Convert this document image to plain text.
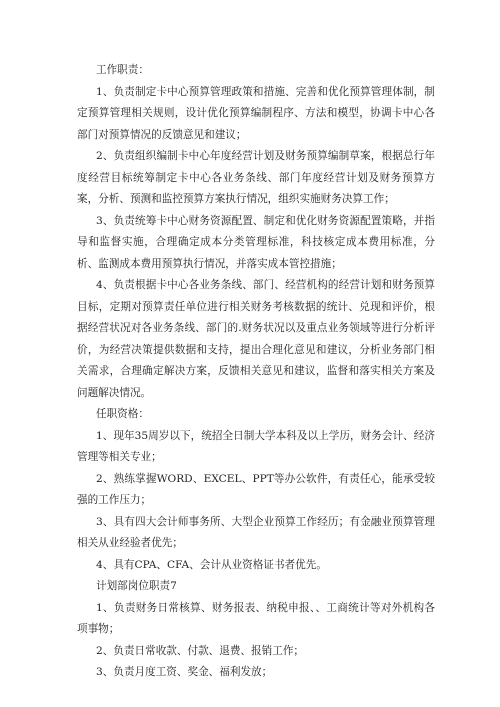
工作职责：

1、负责制定卡中心预算管理政策和措施、完善和优化预算管理体制，制定预算管理相关规则，设计优化预算编制程序、方法和模型，协调卡中心各部门对预算情况的反馈意见和建议；

2、负责组织编制卡中心年度经营计划及财务预算编制草案，根据总行年度经营目标统筹制定卡中心各业务条线、部门年度经营计划及财务预算方案，分析、预测和监控预算方案执行情况，组织实施财务决算工作；

3、负责统筹卡中心财务资源配置、制定和优化财务资源配置策略，并指导和监督实施，合理确定成本分类管理标准，科技核定成本费用标准，分析、监测成本费用预算执行情况，并落实成本管控措施；

4、负责根据卡中心各业务条线、部门、经营机构的经营计划和财务预算目标，定期对预算责任单位进行相关财务考核数据的统计、兑现和评价，根据经营状况对各业务条线、部门的.财务状况以及重点业务领域等进行分析评价，为经营决策提供数据和支持，提出合理化意见和建议，分析业务部门相关需求，合理确定解决方案，反馈相关意见和建议，监督和落实相关方案及问题解决情况。

任职资格：

1、现年35周岁以下，统招全日制大学本科及以上学历，财务会计、经济管理等相关专业；

2、熟练掌握WORD、EXCEL、PPT等办公软件，有责任心，能承受较强的工作压力；

3、具有四大会计师事务所、大型企业预算工作经历；有金融业预算管理相关从业经验者优先；

4、具有CPA、CFA、会计从业资格证书者优先。

计划部岗位职责7

1、负责财务日常核算、财务报表、纳税申报、、工商统计等对外机构各项事物；

2、负责日常收款、付款、退费、报销工作；

3、负责月度工资、奖金、福利发放；
